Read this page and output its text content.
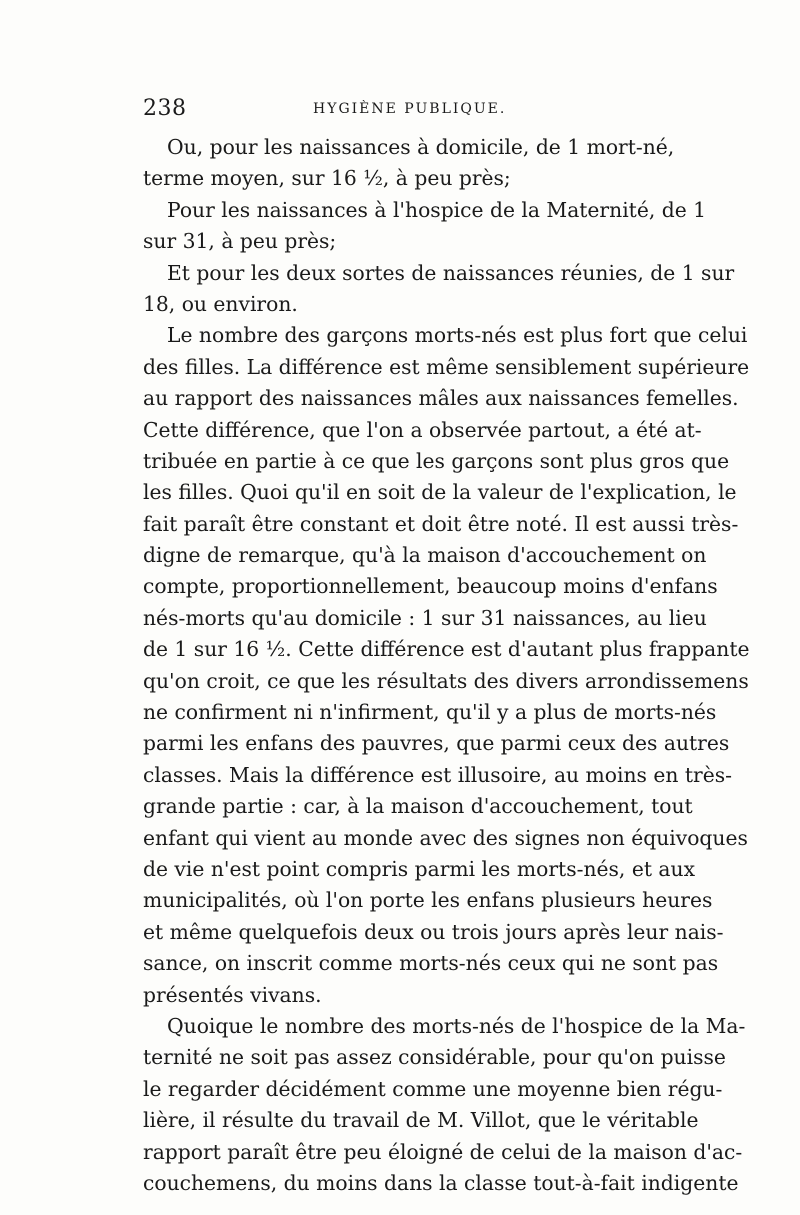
238	HYGIÈNE PUBLIQUE.
Ou, pour les naissances à domicile, de 1 mort-né,
terme moyen, sur 16 ½, à peu près;
Pour les naissances à l'hospice de la Maternité, de 1
sur 31, à peu près;
Et pour les deux sortes de naissances réunies, de 1 sur
18, ou environ.
Le nombre des garçons morts-nés est plus fort que celui
des filles. La différence est même sensiblement supérieure
au rapport des naissances mâles aux naissances femelles.
Cette différence, que l'on a observée partout, a été at-
tribuée en partie à ce que les garçons sont plus gros que
les filles. Quoi qu'il en soit de la valeur de l'explication, le
fait paraît être constant et doit être noté. Il est aussi très-
digne de remarque, qu'à la maison d'accouchement on
compte, proportionnellement, beaucoup moins d'enfans
nés-morts qu'au domicile : 1 sur 31 naissances, au lieu
de 1 sur 16 ½. Cette différence est d'autant plus frappante
qu'on croit, ce que les résultats des divers arrondissemens
ne confirment ni n'infirment, qu'il y a plus de morts-nés
parmi les enfans des pauvres, que parmi ceux des autres
classes. Mais la différence est illusoire, au moins en très-
grande partie : car, à la maison d'accouchement, tout
enfant qui vient au monde avec des signes non équivoques
de vie n'est point compris parmi les morts-nés, et aux
municipalités, où l'on porte les enfans plusieurs heures
et même quelquefois deux ou trois jours après leur nais-
sance, on inscrit comme morts-nés ceux qui ne sont pas
présentés vivans.
Quoique le nombre des morts-nés de l'hospice de la Ma-
ternité ne soit pas assez considérable, pour qu'on puisse
le regarder décidément comme une moyenne bien régu-
lière, il résulte du travail de M. Villot, que le véritable
rapport paraît être peu éloigné de celui de la maison d'ac-
couchemens, du moins dans la classe tout-à-fait indigente
